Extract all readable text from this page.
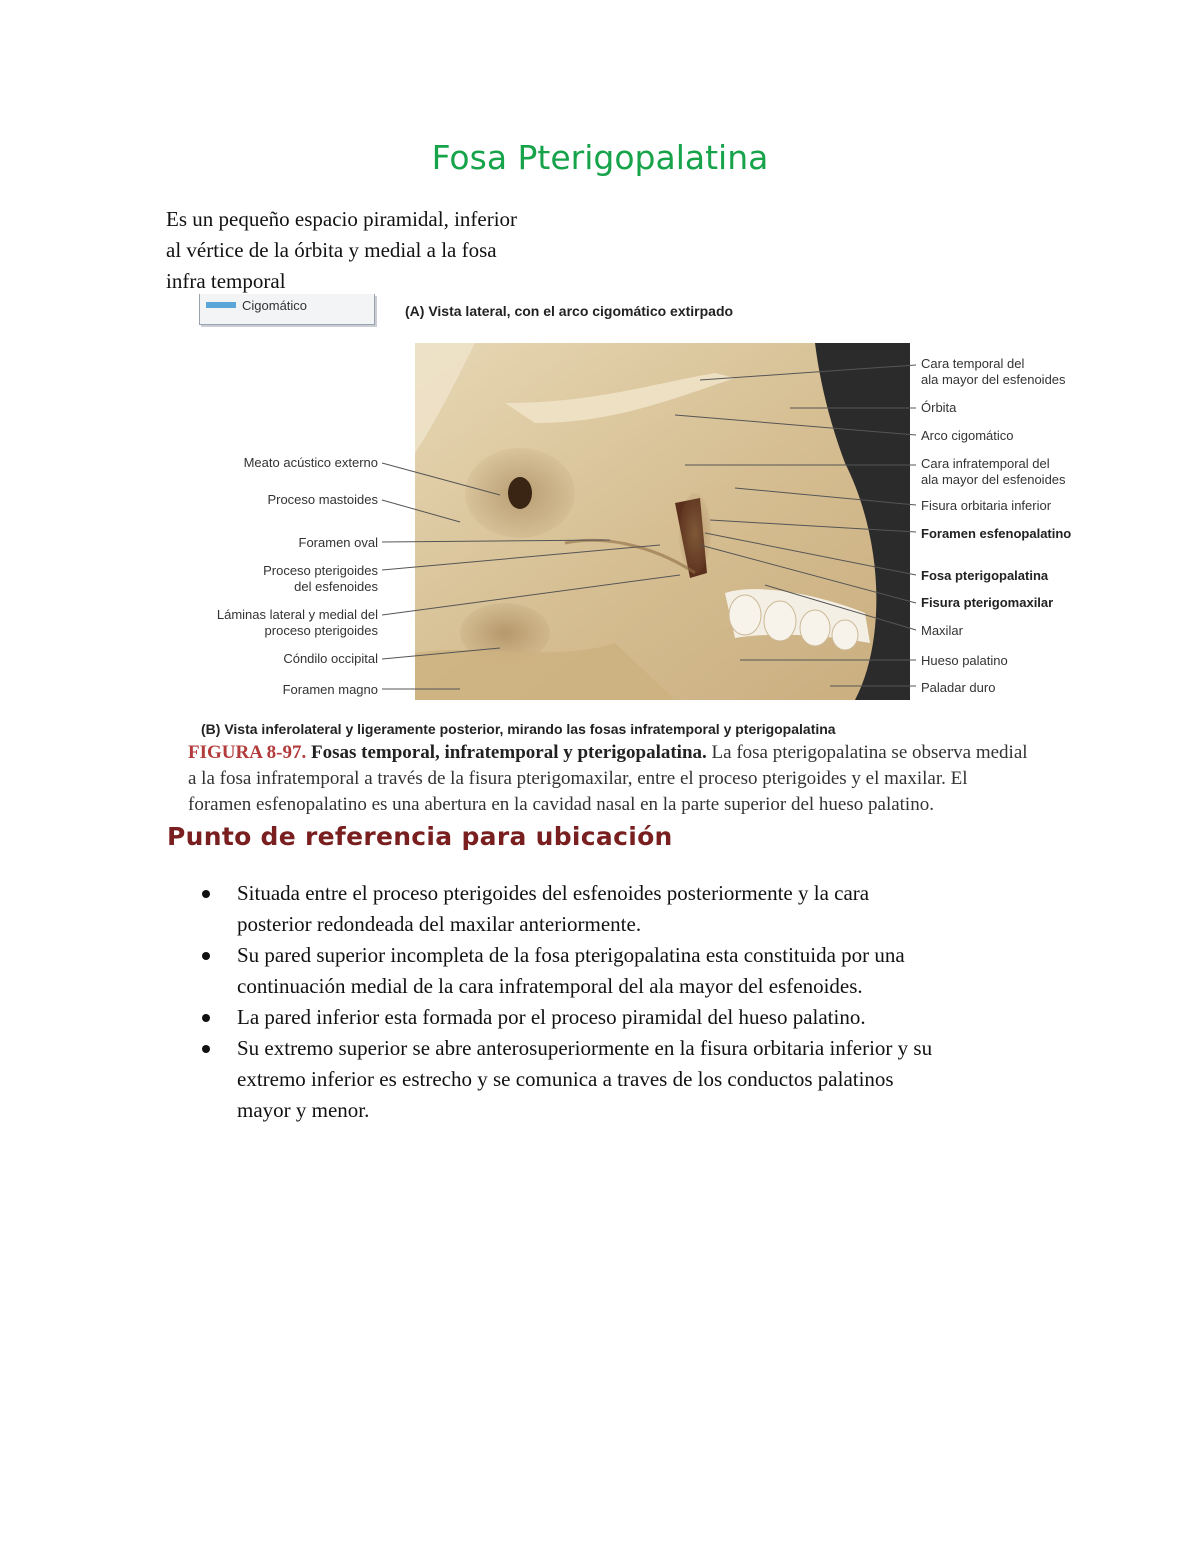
Fosa Pterigopalatina
Es un pequeño espacio piramidal, inferior
al vértice de la órbita y medial a la fosa
infra temporal
Cigomático	(A) Vista lateral, con el arco cigomático extirpado
Meato acústico externo
Proceso mastoides
Foramen oval
Proceso pterigoides
del esfenoides
Láminas lateral y medial del
proceso pterigoides
Cóndilo occipital
Foramen magno
Cara temporal del
ala mayor del esfenoides
Órbita
Arco cigomático
Cara infratemporal del
ala mayor del esfenoides
Fisura orbitaria inferior
Foramen esfenopalatino
Fosa pterigopalatina
Fisura pterigomaxilar
Maxilar
Hueso palatino
Paladar duro
(B) Vista inferolateral y ligeramente posterior, mirando las fosas infratemporal y pterigopalatina
FIGURA 8-97. Fosas temporal, infratemporal y pterigopalatina. La fosa pterigopalatina se observa medial
a la fosa infratemporal a través de la fisura pterigomaxilar, entre el proceso pterigoides y el maxilar. El
foramen esfenopalatino es una abertura en la cavidad nasal en la parte superior del hueso palatino.
Punto de referencia para ubicación
Situada entre el proceso pterigoides del esfenoides posteriormente y la cara
posterior redondeada del maxilar anteriormente.
Su pared superior incompleta de la fosa pterigopalatina esta constituida por una
continuación medial de la cara infratemporal del ala mayor del esfenoides.
La pared inferior esta formada por el proceso piramidal del hueso palatino.
Su extremo superior se abre anterosuperiormente en la fisura orbitaria inferior y su
extremo inferior es estrecho y se comunica a traves de los conductos palatinos
mayor y menor.
